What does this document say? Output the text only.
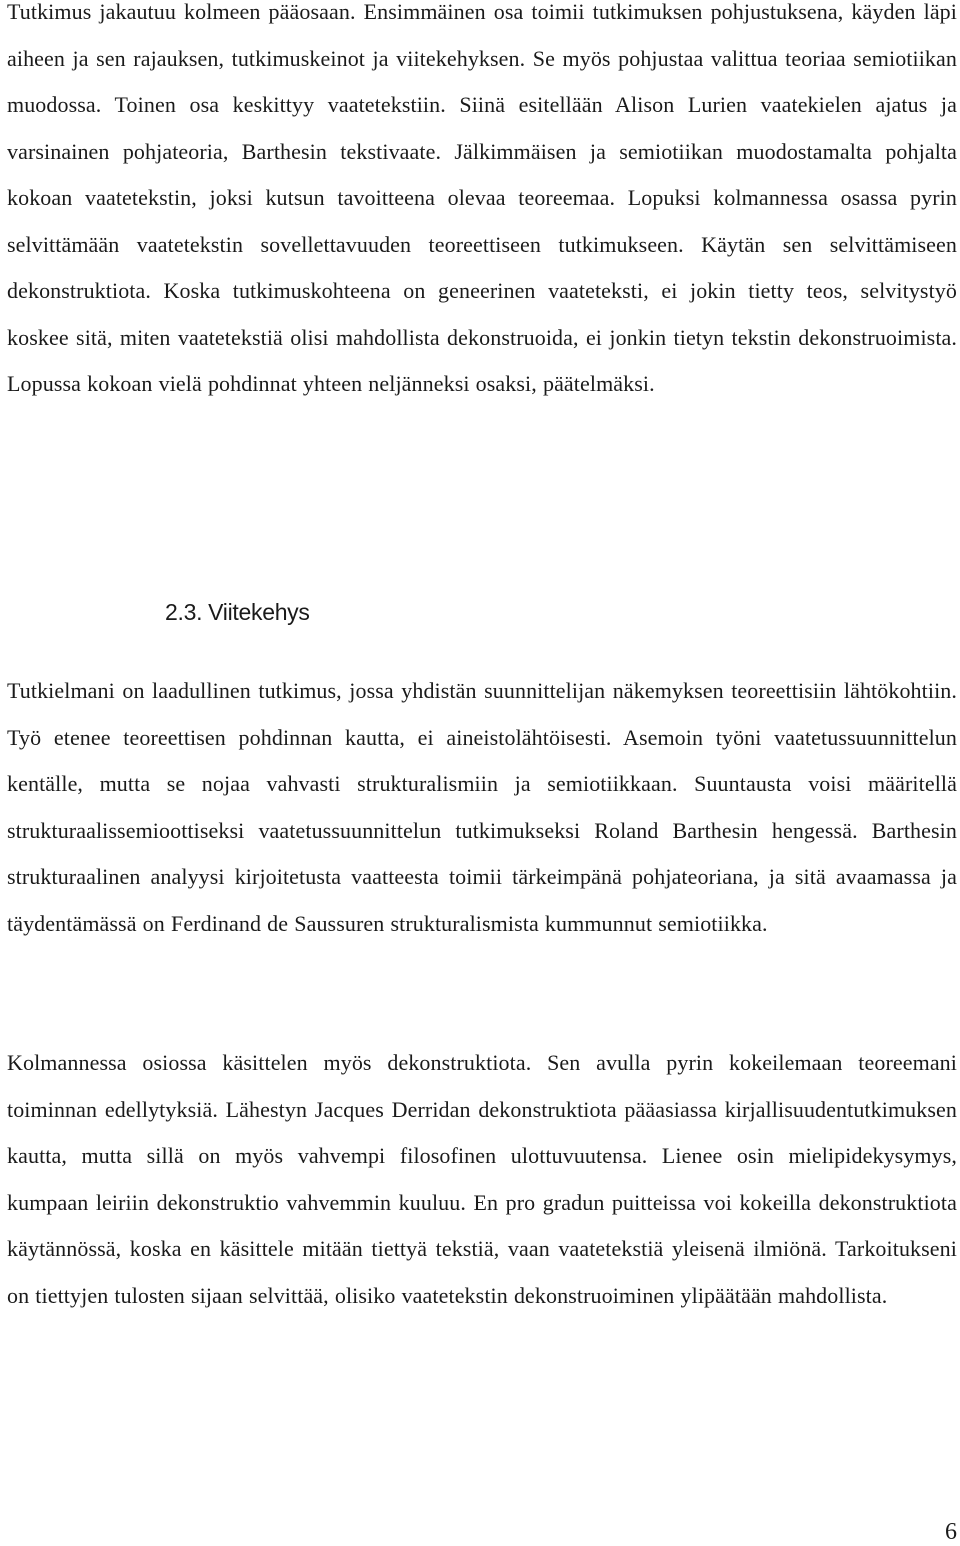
Tutkimus jakautuu kolmeen pääosaan. Ensimmäinen osa toimii tutkimuksen pohjustuksena, käyden läpi aiheen ja sen rajauksen, tutkimuskeinot ja viitekehyksen. Se myös pohjustaa valittua teoriaa semiotiikan muodossa. Toinen osa keskittyy vaatetekstiin. Siinä esitellään Alison Lurien vaatekielen ajatus ja varsinainen pohjateoria, Barthesin tekstivaate. Jälkimmäisen ja semiotiikan muodostamalta pohjalta kokoan vaatetekstin, joksi kutsun tavoitteena olevaa teoreemaa. Lopuksi kolmannessa osassa pyrin selvittämään vaatetekstin sovellettavuuden teoreettiseen tutkimukseen. Käytän sen selvittämiseen dekonstruktiota. Koska tutkimuskohteena on geneerinen vaateteksti, ei jokin tietty teos, selvitystyö koskee sitä, miten vaatetekstiä olisi mahdollista dekonstruoida, ei jonkin tietyn tekstin dekonstruoimista. Lopussa kokoan vielä pohdinnat yhteen neljänneksi osaksi, päätelmäksi.

2.3. Viitekehys

Tutkielmani on laadullinen tutkimus, jossa yhdistän suunnittelijan näkemyksen teoreettisiin lähtökohtiin. Työ etenee teoreettisen pohdinnan kautta, ei aineistolähtöisesti. Asemoin työni vaatetussuunnittelun kentälle, mutta se nojaa vahvasti strukturalismiin ja semiotiikkaan. Suuntausta voisi määritellä strukturaalissemioottiseksi vaatetussuunnittelun tutkimukseksi Roland Barthesin hengessä. Barthesin strukturaalinen analyysi kirjoitetusta vaatteesta toimii tärkeimpänä pohjateoriana, ja sitä avaamassa ja täydentämässä on Ferdinand de Saussuren strukturalismista kummunnut semiotiikka.

Kolmannessa osiossa käsittelen myös dekonstruktiota. Sen avulla pyrin kokeilemaan teoreemani toiminnan edellytyksiä. Lähestyn Jacques Derridan dekonstruktiota pääasiassa kirjallisuudentutkimuksen kautta, mutta sillä on myös vahvempi filosofinen ulottuvuutensa. Lienee osin mielipidekysymys, kumpaan leiriin dekonstruktio vahvemmin kuuluu. En pro gradun puitteissa voi kokeilla dekonstruktiota käytännössä, koska en käsittele mitään tiettyä tekstiä, vaan vaatetekstiä yleisenä ilmiönä. Tarkoitukseni on tiettyjen tulosten sijaan selvittää, olisiko vaatetekstin dekonstruoiminen ylipäätään mahdollista.

6
